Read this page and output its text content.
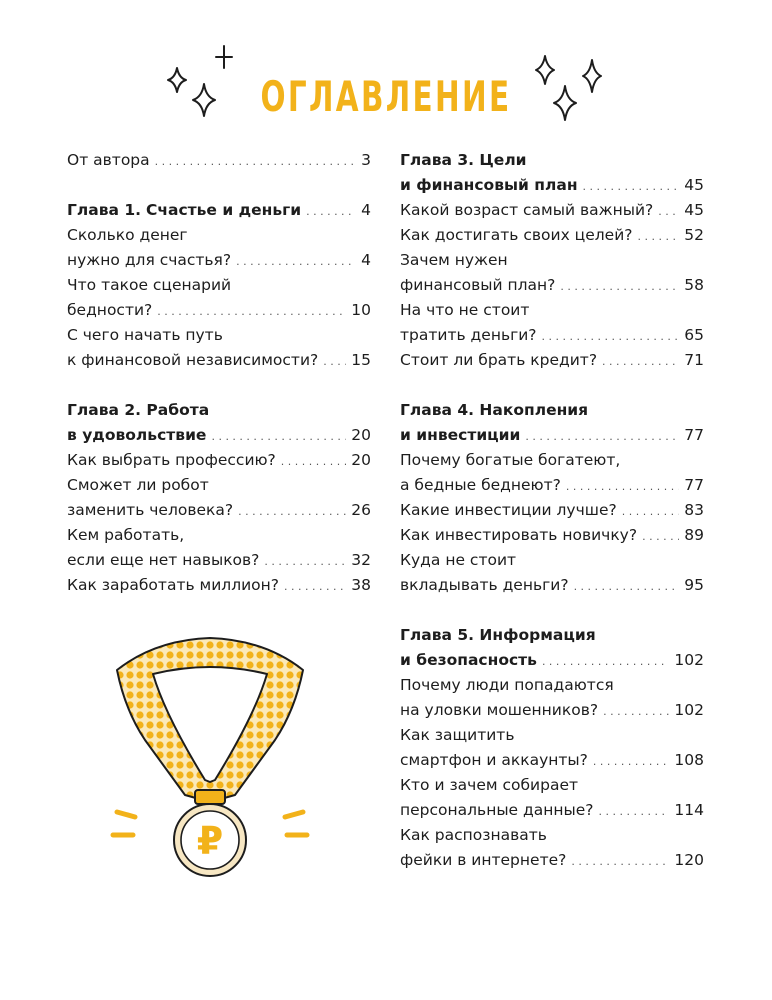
ОГЛАВЛЕНИЕ
От автора . . .	3
Глава 1. Счастье и деньги . . .	4
Сколько денег
нужно для счастья? . . .	4
Что такое сценарий
бедности? . . .	10
С чего начать путь
к финансовой независимости? . . . 15
Глава 2. Работа
в удовольствие . . .	20
Как выбрать профессию? . . .	20
Сможет ли робот
заменить человека? . . .	26
Кем работать,
если еще нет навыков? . . .	32
Как заработать миллион? . . .	38
Глава 3. Цели
и финансовый план . . .	45
Какой возраст самый важный? . . . 45
Как достигать своих целей? . . .	52
Зачем нужен
финансовый план? . . .	58
На что не стоит
тратить деньги? . . .	65
Стоит ли брать кредит? . . .	71
Глава 4. Накопления
и инвестиции . . .	77
Почему богатые богатеют,
а бедные беднеют? . . .	77
Какие инвестиции лучше? . . .	83
Как инвестировать новичку? . . .	89
Куда не стоит
вкладывать деньги? . . .	95
Глава 5. Информация
и безопасность . . .	102
Почему люди попадаются
на уловки мошенников? . . .	102
Как защитить
смартфон и аккаунты? . . .	108
Кто и зачем собирает
персональные данные? . . .	114
Как распознавать
фейки в интернете? . . .	120
₽
